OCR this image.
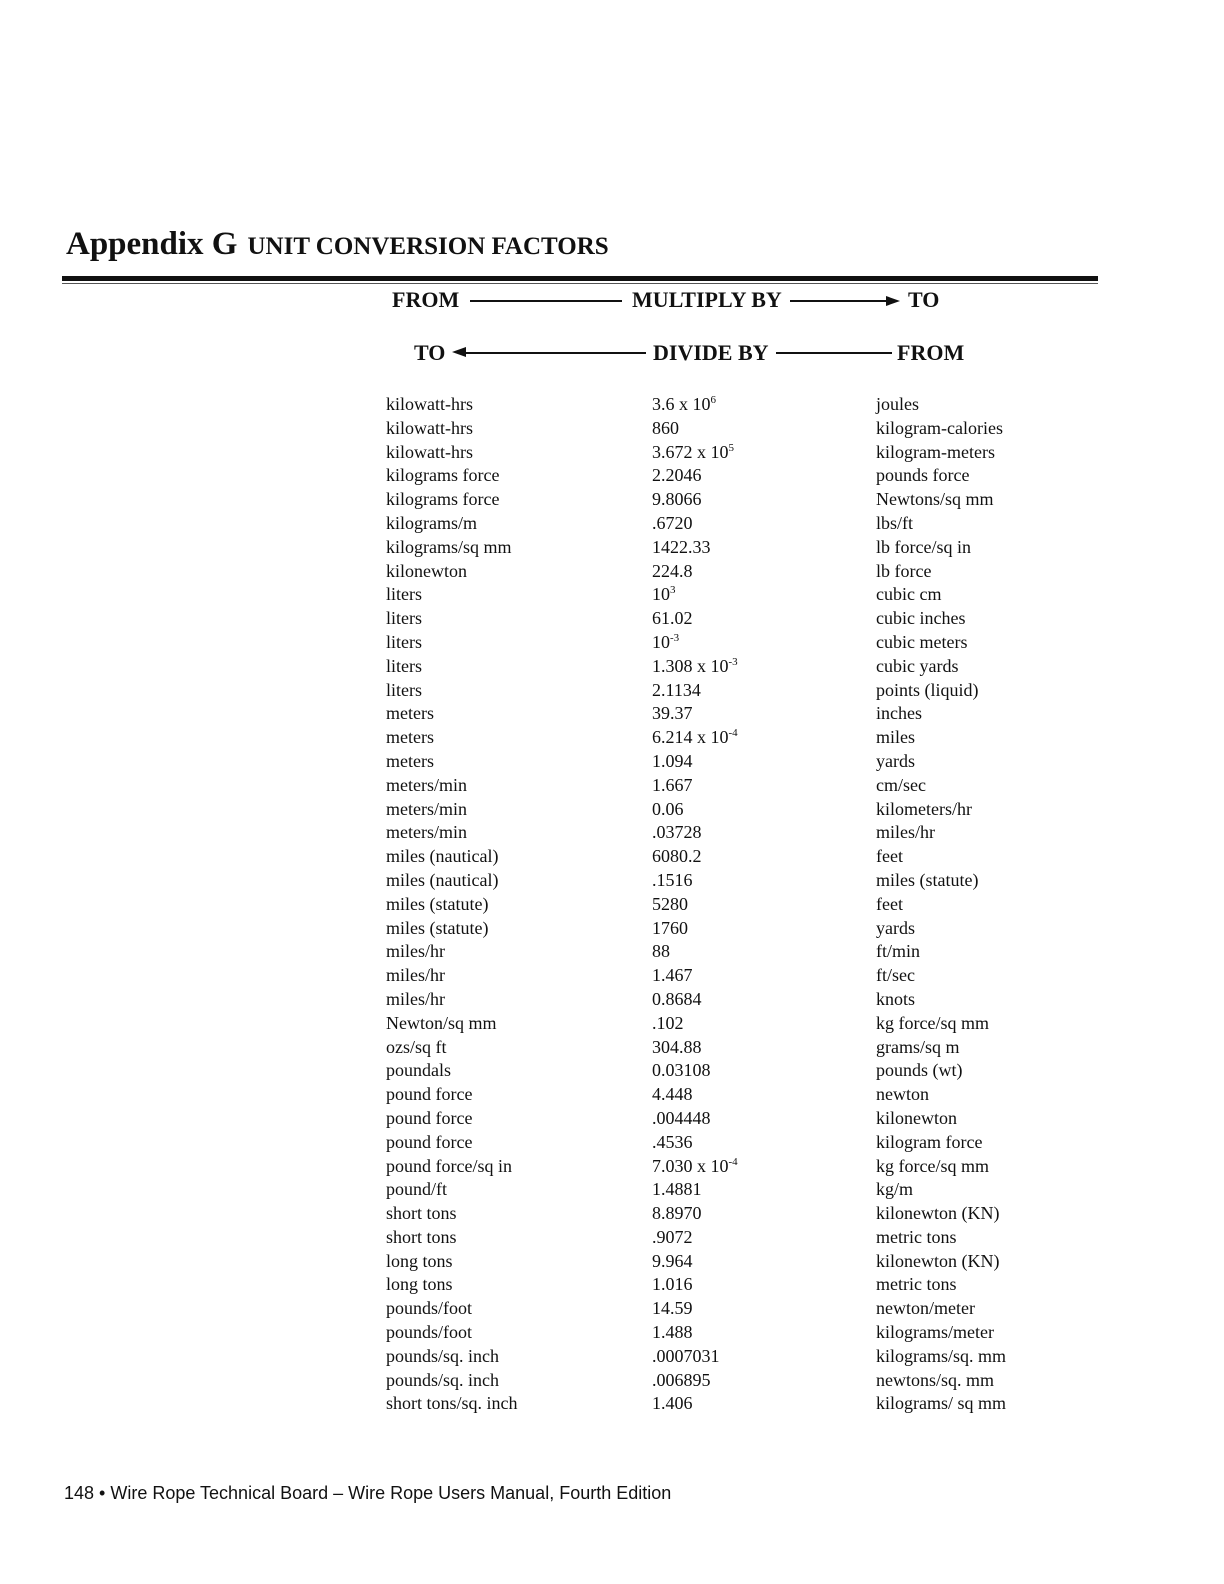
Appendix G UNIT CONVERSION FACTORS
FROM	MULTIPLY BY	TO
TO	DIVIDE BY	FROM
kilowatt-hrs	3.6 x $10^6$	joules
kilowatt-hrs	860	kilogram-calories
kilowatt-hrs	3.672 x $10^5$	kilogram-meters
kilograms force	2.2046	pounds force
kilograms force	9.8066	Newtons/sq mm
kilograms/m	.6720	lbs/ft
kilograms/sq mm	1422.33	lb force/sq in
kilonewton	224.8	lb force
liters	$10^3$	cubic cm
liters	61.02	cubic inches
liters	$10^{-3}$	cubic meters
liters	1.308 x $10^{-3}$	cubic yards
liters	2.1134	points (liquid)
meters	39.37	inches
meters	6.214 x $10^{-4}$	miles
meters	1.094	yards
meters/min	1.667	cm/sec
meters/min	0.06	kilometers/hr
meters/min	.03728	miles/hr
miles (nautical)	6080.2	feet
miles (nautical)	.1516	miles (statute)
miles (statute)	5280	feet
miles (statute)	1760	yards
miles/hr	88	ft/min
miles/hr	1.467	ft/sec
miles/hr	0.8684	knots
Newton/sq mm	.102	kg force/sq mm
ozs/sq ft	304.88	grams/sq m
poundals	0.03108	pounds (wt)
pound force	4.448	newton
pound force	.004448	kilonewton
pound force	.4536	kilogram force
pound force/sq in	7.030 x $10^{-4}$	kg force/sq mm
pound/ft	1.4881	kg/m
short tons	8.8970	kilonewton (KN)
short tons	.9072	metric tons
long tons	9.964	kilonewton (KN)
long tons	1.016	metric tons
pounds/foot	14.59	newton/meter
pounds/foot	1.488	kilograms/meter
pounds/sq. inch	.0007031	kilograms/sq. mm
pounds/sq. inch	.006895	newtons/sq. mm
short tons/sq. inch	1.406	kilograms/ sq mm
148 • Wire Rope Technical Board – Wire Rope Users Manual, Fourth Edition
